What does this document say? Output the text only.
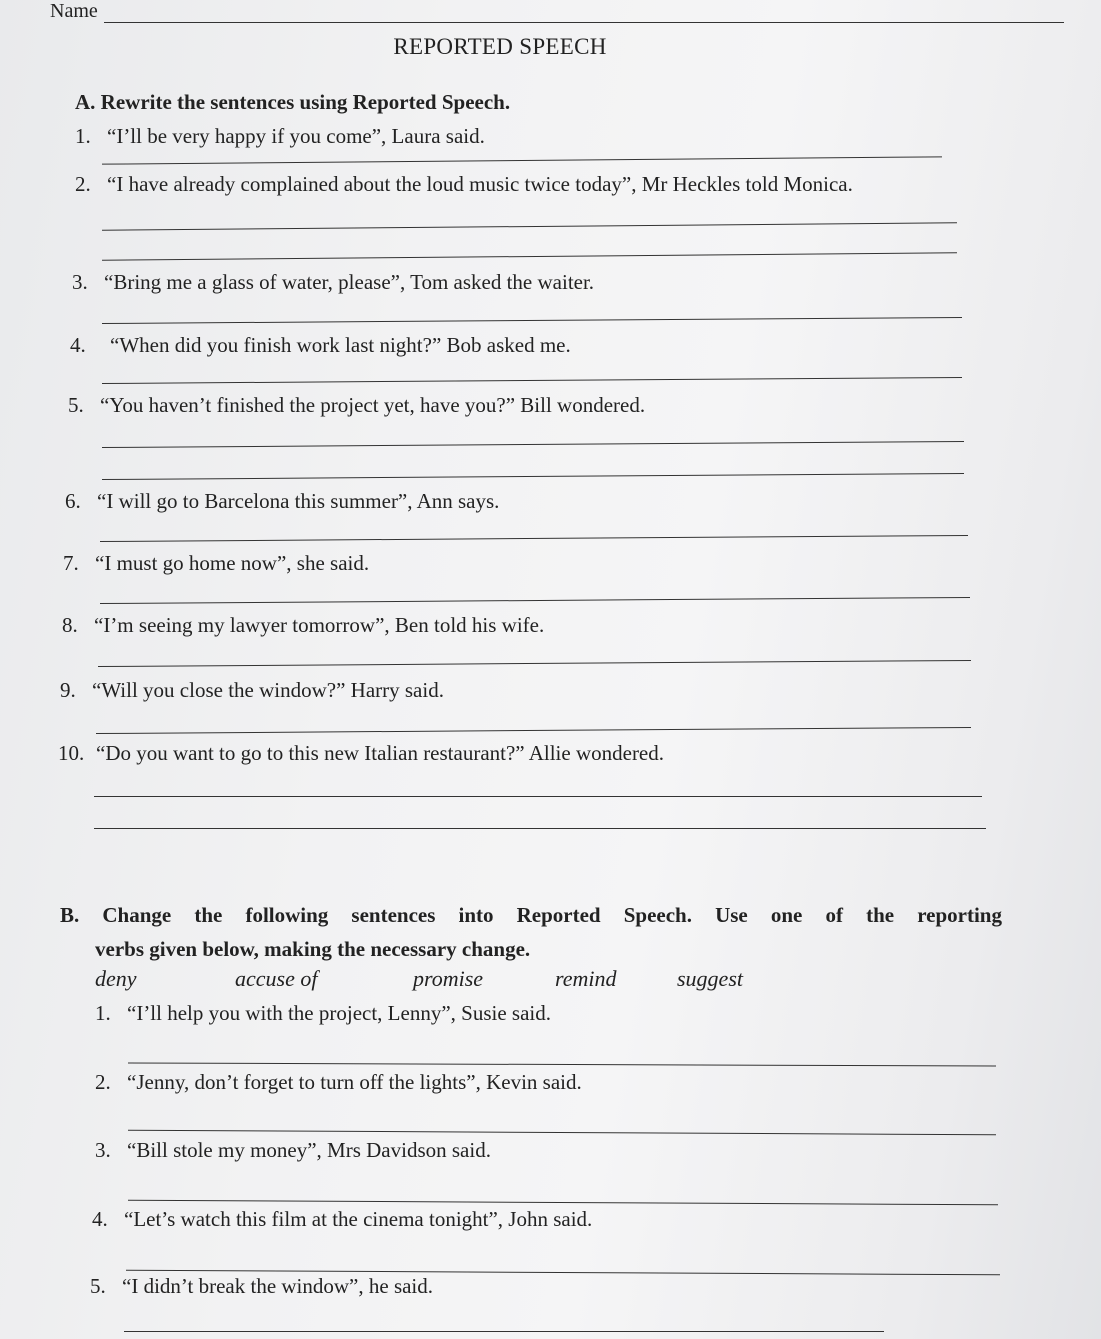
Name
REPORTED SPEECH
A. Rewrite the sentences using Reported Speech.
1. “I’ll be very happy if you come”, Laura said.
2. “I have already complained about the loud music twice today”, Mr Heckles told Monica.
3. “Bring me a glass of water, please”, Tom asked the waiter.
4. “When did you finish work last night?” Bob asked me.
5. “You haven’t finished the project yet, have you?” Bill wondered.
6. “I will go to Barcelona this summer”, Ann says.
7. “I must go home now”, she said.
8. “I’m seeing my lawyer tomorrow”, Ben told his wife.
9. “Will you close the window?” Harry said.
10. “Do you want to go to this new Italian restaurant?” Allie wondered.
B. Change the following sentences into Reported Speech. Use one of the reporting
verbs given below, making the necessary change.
deny	accuse of	promise	remind	suggest
1. “I’ll help you with the project, Lenny”, Susie said.
2. “Jenny, don’t forget to turn off the lights”, Kevin said.
3. “Bill stole my money”, Mrs Davidson said.
4. “Let’s watch this film at the cinema tonight”, John said.
5. “I didn’t break the window”, he said.
